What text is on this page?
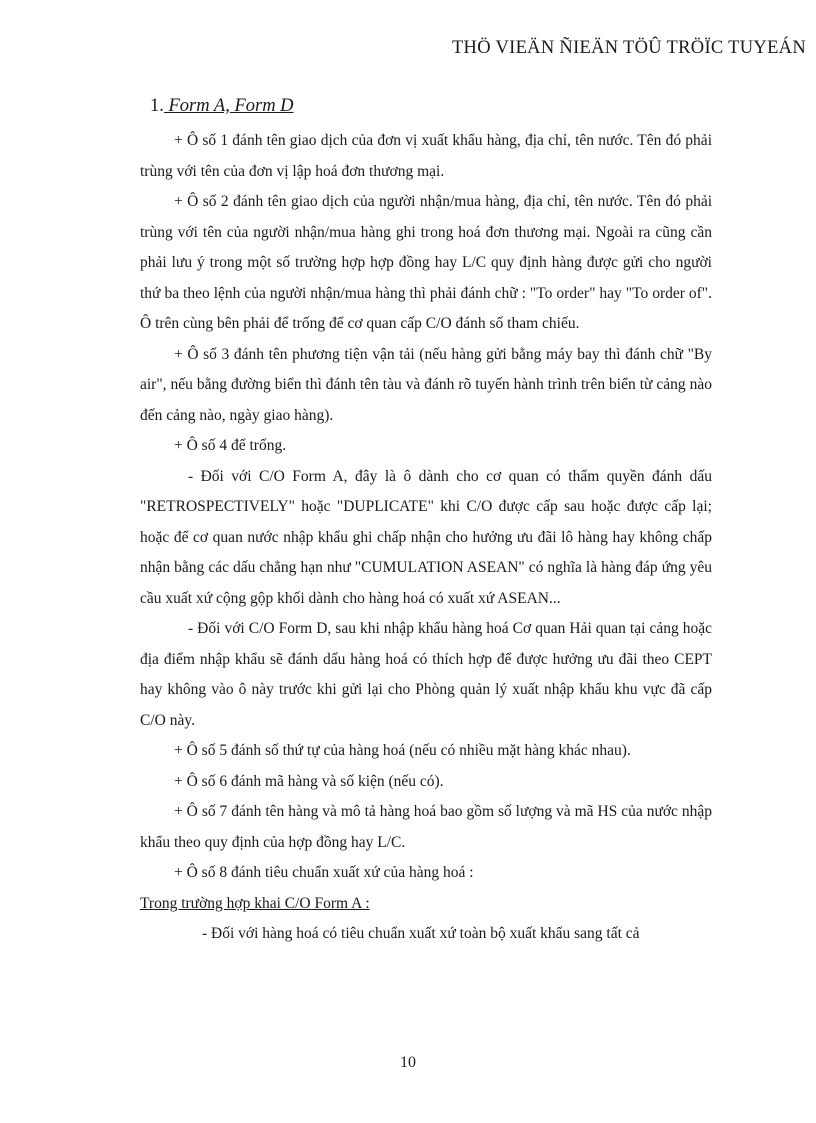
THÖ VIEÄN ÑIEÄN TÖÛ TRÖÏC TUYEÁN
1. Form A, Form D

+ Ô số 1 đánh tên giao dịch của đơn vị xuất khẩu hàng, địa chỉ, tên nước. Tên đó phải trùng với tên của đơn vị lập hoá đơn thương mại.

+ Ô số 2 đánh tên giao dịch của người nhận/mua hàng, địa chỉ, tên nước. Tên đó phải trùng với tên của người nhận/mua hàng ghi trong hoá đơn thương mại. Ngoài ra cũng cần phải lưu ý trong một số trường hợp hợp đồng hay L/C quy định hàng được gửi cho người thứ ba theo lệnh của người nhận/mua hàng thì phải đánh chữ : "To order" hay "To order of". Ô trên cùng bên phải để trống để cơ quan cấp C/O đánh số tham chiếu.

+ Ô số 3 đánh tên phương tiện vận tải (nếu hàng gửi bằng máy bay thì đánh chữ "By air", nếu bằng đường biển thì đánh tên tàu và đánh rõ tuyến hành trình trên biển từ cảng nào đến cảng nào, ngày giao hàng).

+ Ô số 4 để trống.

- Đối với C/O Form A, đây là ô dành cho cơ quan có thẩm quyền đánh dấu "RETROSPECTIVELY" hoặc "DUPLICATE" khi C/O được cấp sau hoặc được cấp lại; hoặc để cơ quan nước nhập khẩu ghi chấp nhận cho hưởng ưu đãi lô hàng hay không chấp nhận bằng các dấu chẳng hạn như "CUMULATION ASEAN" có nghĩa là hàng đáp ứng yêu cầu xuất xứ cộng gộp khối dành cho hàng hoá có xuất xứ ASEAN...

- Đối với C/O Form D, sau khi nhập khẩu hàng hoá Cơ quan Hải quan tại cảng hoặc địa điểm nhập khẩu sẽ đánh dấu hàng hoá có thích hợp để được hưởng ưu đãi theo CEPT hay không vào ô này trước khi gửi lại cho Phòng quản lý xuất nhập khẩu khu vực đã cấp C/O này.

+ Ô số 5 đánh số thứ tự của hàng hoá (nếu có nhiều mặt hàng khác nhau).

+ Ô số 6 đánh mã hàng và số kiện (nếu có).

+ Ô số 7 đánh tên hàng và mô tả hàng hoá bao gồm số lượng và mã HS của nước nhập khẩu theo quy định của hợp đồng hay L/C.

+ Ô số 8 đánh tiêu chuẩn xuất xứ của hàng hoá :

Trong trường hợp khai C/O Form A :

- Đối với hàng hoá có tiêu chuẩn xuất xứ toàn bộ xuất khẩu sang tất cả

10
